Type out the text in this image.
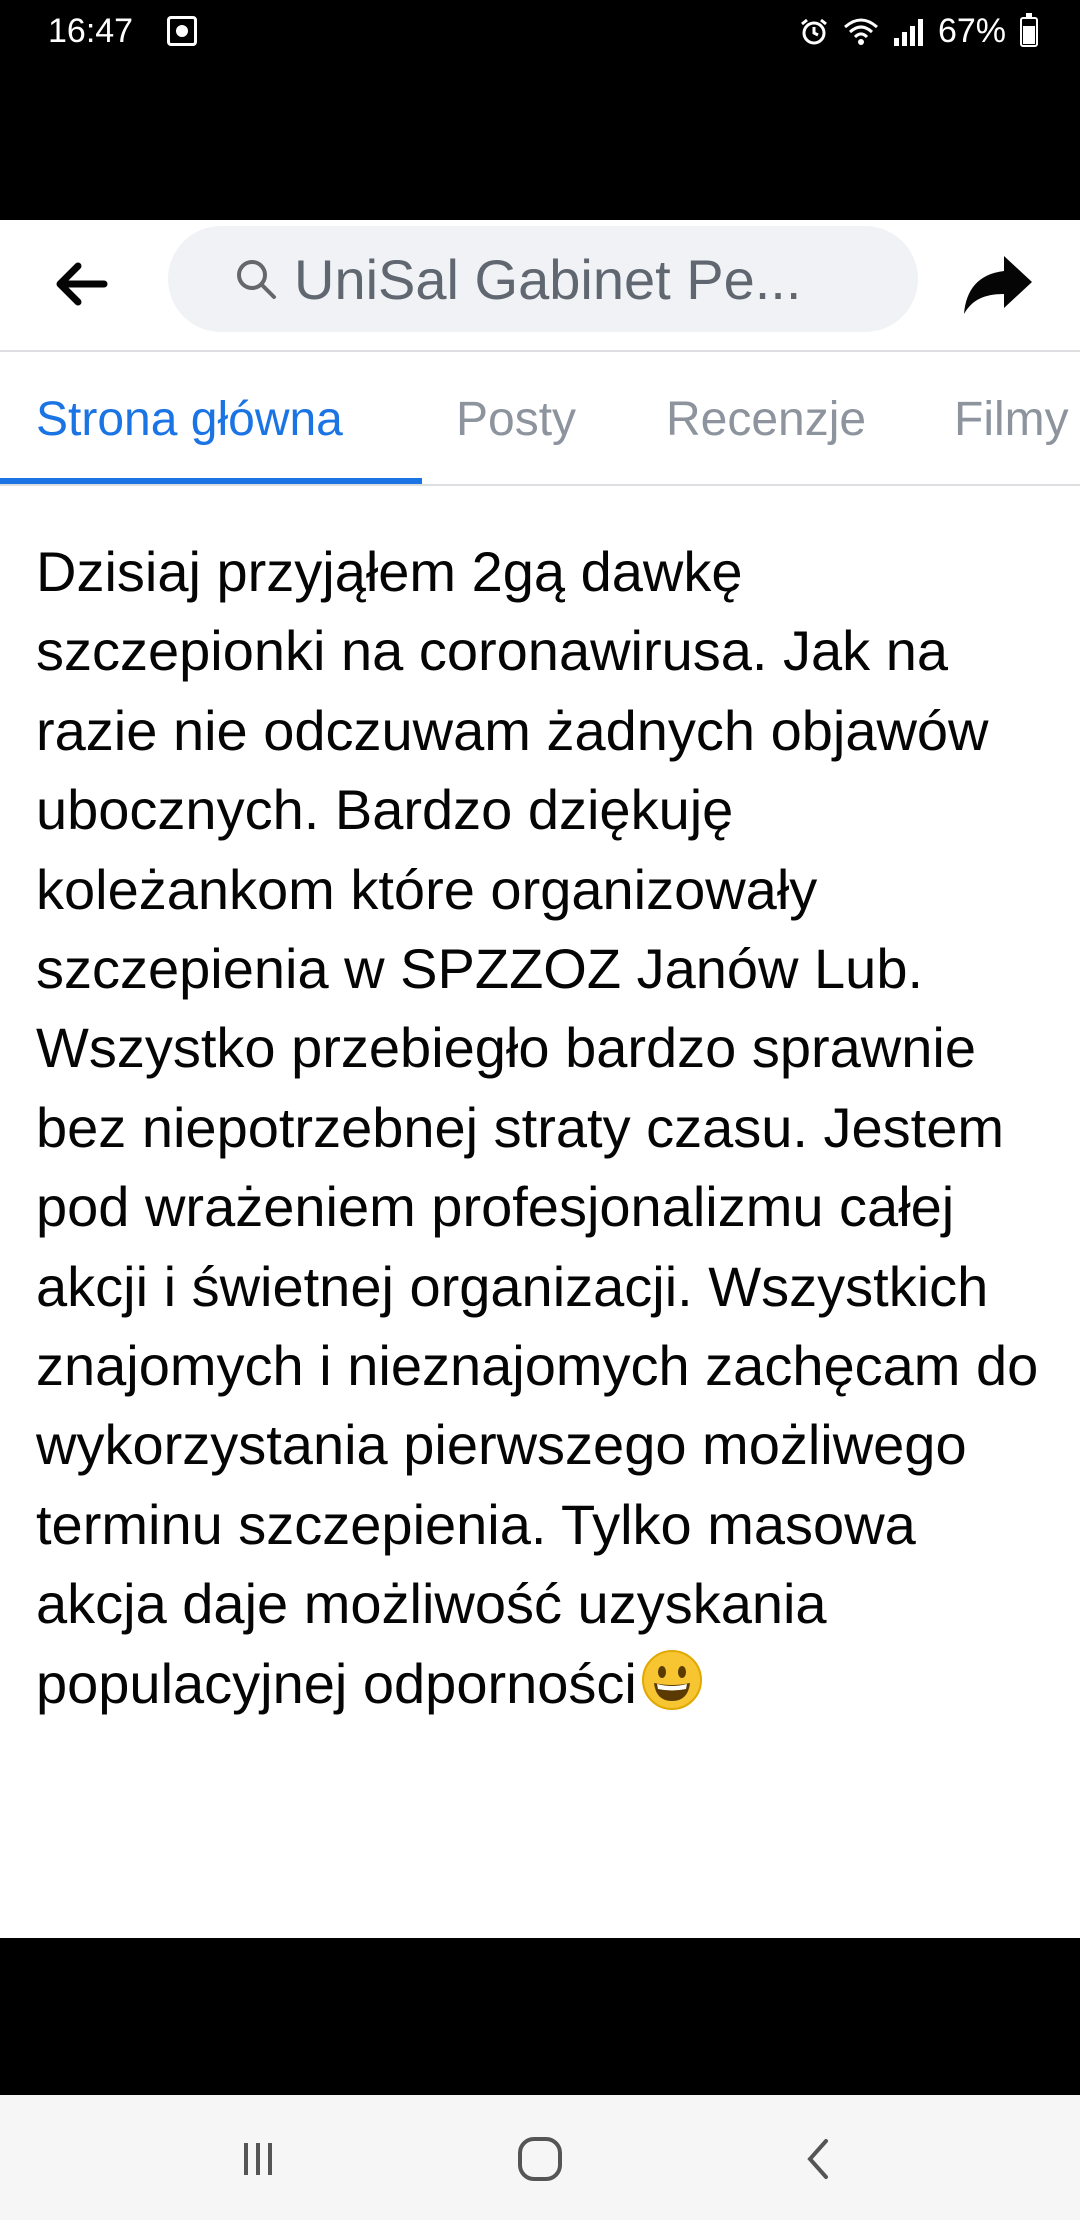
16:47	67%
UniSal Gabinet Pe...
Strona główna Posty Recenzje Filmy
Dzisiaj przyjąłem 2gą dawkę szczepionki na coronawirusa. Jak na razie nie odczuwam żadnych objawów ubocznych. Bardzo dziękuję koleżankom które organizowały szczepienia w SPZZOZ Janów Lub. Wszystko przebiegło bardzo sprawnie bez niepotrzebnej straty czasu. Jestem pod wrażeniem profesjonalizmu całej akcji i świetnej organizacji. Wszystkich znajomych i nieznajomych zachęcam do wykorzystania pierwszego możliwego terminu szczepienia. Tylko masowa akcja daje możliwość uzyskania populacyjnej odporności
